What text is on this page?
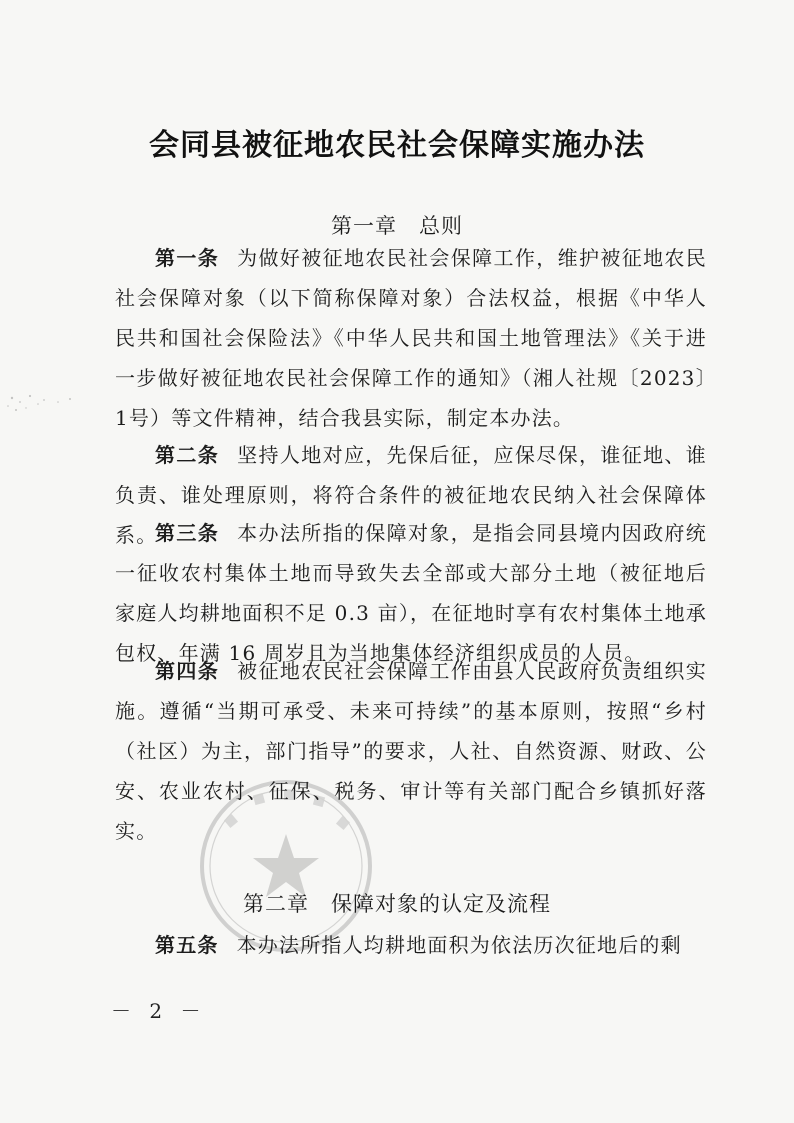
会同县被征地农民社会保障实施办法
第一章 总则
第一条 为做好被征地农民社会保障工作，维护被征地农民社会保障对象（以下简称保障对象）合法权益，根据《中华人民共和国社会保险法》《中华人民共和国土地管理法》《关于进一步做好被征地农民社会保障工作的通知》（湘人社规〔2023〕1号）等文件精神，结合我县实际，制定本办法。
第二条 坚持人地对应，先保后征，应保尽保，谁征地、谁负责、谁处理原则，将符合条件的被征地农民纳入社会保障体系。
第三条 本办法所指的保障对象，是指会同县境内因政府统一征收农村集体土地而导致失去全部或大部分土地（被征地后家庭人均耕地面积不足 0.3 亩），在征地时享有农村集体土地承包权、年满 16 周岁且为当地集体经济组织成员的人员。
第四条 被征地农民社会保障工作由县人民政府负责组织实施。遵循“当期可承受、未来可持续”的基本原则，按照“乡村（社区）为主，部门指导”的要求，人社、自然资源、财政、公安、农业农村、征保、税务、审计等有关部门配合乡镇抓好落实。
第二章 保障对象的认定及流程
第五条 本办法所指人均耕地面积为依法历次征地后的剩
－ 2 －
